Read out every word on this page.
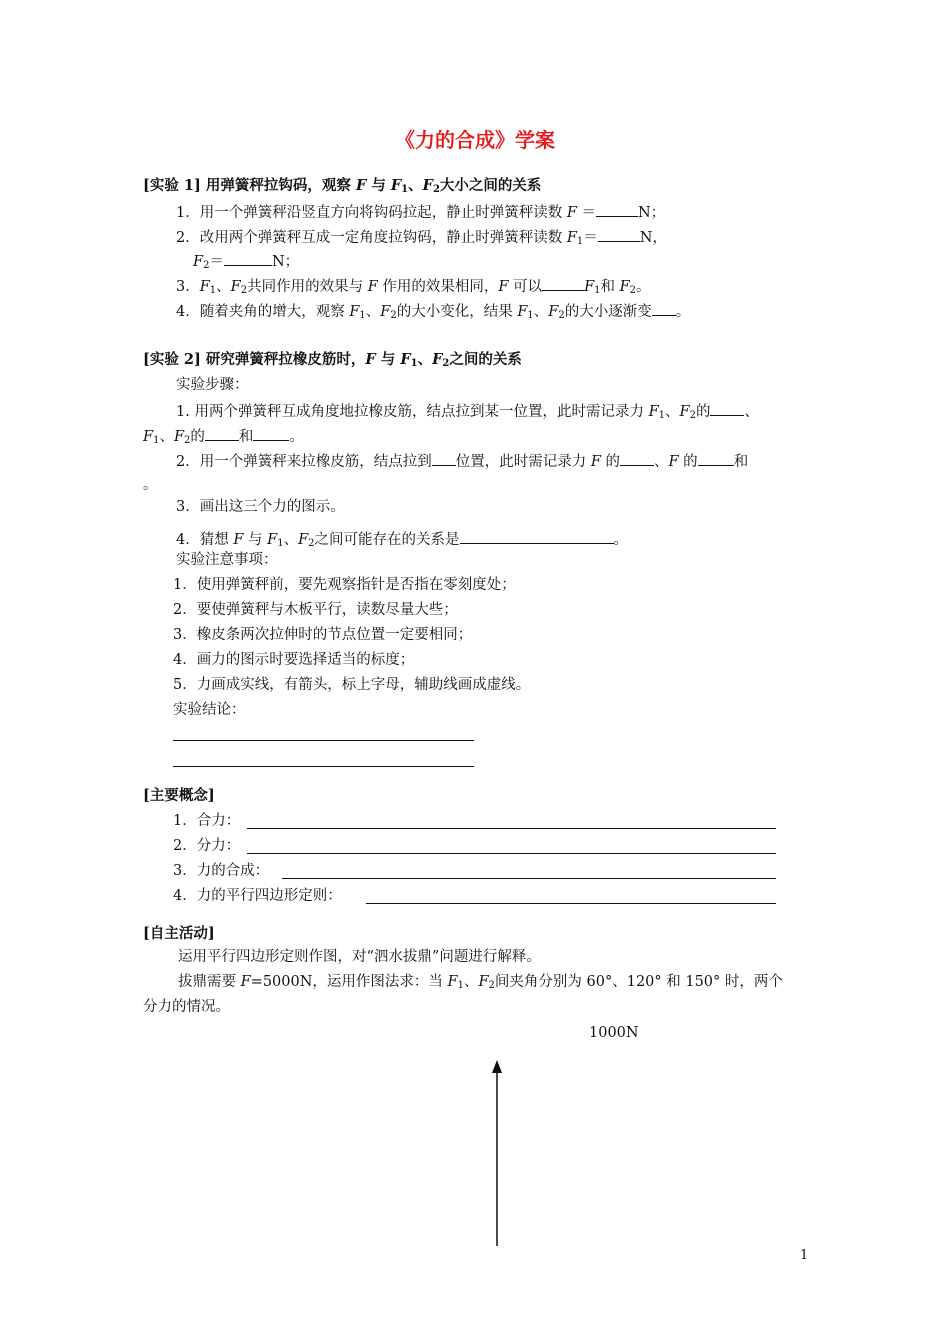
《力的合成》学案
[实验 1] 用弹簧秤拉钩码，观察 F 与 $F_1$、$F_2$大小之间的关系
1．用一个弹簧秤沿竖直方向将钩码拉起，静止时弹簧秤读数 F ＝	N；
2．改用两个弹簧秤互成一定角度拉钩码，静止时弹簧秤读数 $F_1=$	N，
$F_2=$	N；
3．$F_1$、$F_2$共同作用的效果与 F 作用的效果相同，F 可以	$F_1$和 $F_2$。
4．随着夹角的增大，观察 $F_1$、$F_2$的大小变化，结果 $F_1$、$F_2$的大小逐渐变 。
[实验 2] 研究弹簧秤拉橡皮筋时，F 与 $F_1$、$F_2$之间的关系
实验步骤：
1. 用两个弹簧秤互成角度地拉橡皮筋，结点拉到某一位置，此时需记录力 $F_1$、$F_2$的 、
$F_1$、$F_2$的 和 。
2．用一个弹簧秤来拉橡皮筋，结点拉到 位置，此时需记录力 F 的 、F 的 和
。
3．画出这三个力的图示。
4．猜想 F 与 $F_1$、$F_2$之间可能存在的关系是	。
实验注意事项：
1．使用弹簧秤前，要先观察指针是否指在零刻度处；
2．要使弹簧秤与木板平行，读数尽量大些；
3．橡皮条两次拉伸时的节点位置一定要相同；
4．画力的图示时要选择适当的标度；
5．力画成实线，有箭头，标上字母，辅助线画成虚线。
实验结论：
[主要概念]
1．合力：
2．分力：
3．力的合成：
4．力的平行四边形定则：
[自主活动]
运用平行四边形定则作图，对“泗水拔鼎”问题进行解释。
拔鼎需要 F=5000N，运用作图法求：当 $F_1$、$F_2$间夹角分别为 60°、120° 和 150° 时，两个
分力的情况。
1000N
1
